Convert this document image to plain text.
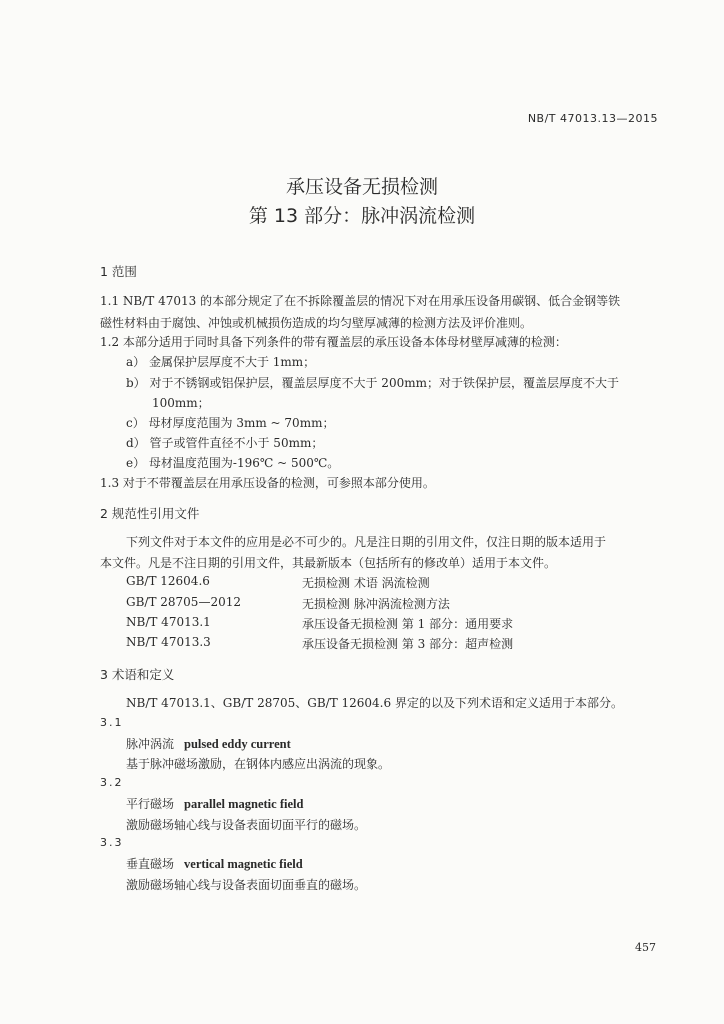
NB/T 47013.13—2015
承压设备无损检测
第 13 部分：脉冲涡流检测
1 范围
1.1 NB/T 47013 的本部分规定了在不拆除覆盖层的情况下对在用承压设备用碳钢、低合金钢等铁
磁性材料由于腐蚀、冲蚀或机械损伤造成的均匀壁厚减薄的检测方法及评价准则。
1.2 本部分适用于同时具备下列条件的带有覆盖层的承压设备本体母材壁厚减薄的检测：
a） 金属保护层厚度不大于 1mm；
b） 对于不锈钢或铝保护层，覆盖层厚度不大于 200mm；对于铁保护层，覆盖层厚度不大于
100mm；
c） 母材厚度范围为 3mm ~ 70mm；
d） 管子或管件直径不小于 50mm；
e） 母材温度范围为-196℃ ~ 500℃。
1.3 对于不带覆盖层在用承压设备的检测，可参照本部分使用。
2 规范性引用文件
下列文件对于本文件的应用是必不可少的。凡是注日期的引用文件，仅注日期的版本适用于
本文件。凡是不注日期的引用文件，其最新版本（包括所有的修改单）适用于本文件。
GB/T 12604.6	无损检测 术语 涡流检测
GB/T 28705—2012	无损检测 脉冲涡流检测方法
NB/T 47013.1	承压设备无损检测 第 1 部分：通用要求
NB/T 47013.3	承压设备无损检测 第 3 部分：超声检测
3 术语和定义
NB/T 47013.1、GB/T 28705、GB/T 12604.6 界定的以及下列术语和定义适用于本部分。
3.1
脉冲涡流 pulsed eddy current
基于脉冲磁场激励，在钢体内感应出涡流的现象。
3.2
平行磁场 parallel magnetic field
激励磁场轴心线与设备表面切面平行的磁场。
3.3
垂直磁场 vertical magnetic field
激励磁场轴心线与设备表面切面垂直的磁场。
457
